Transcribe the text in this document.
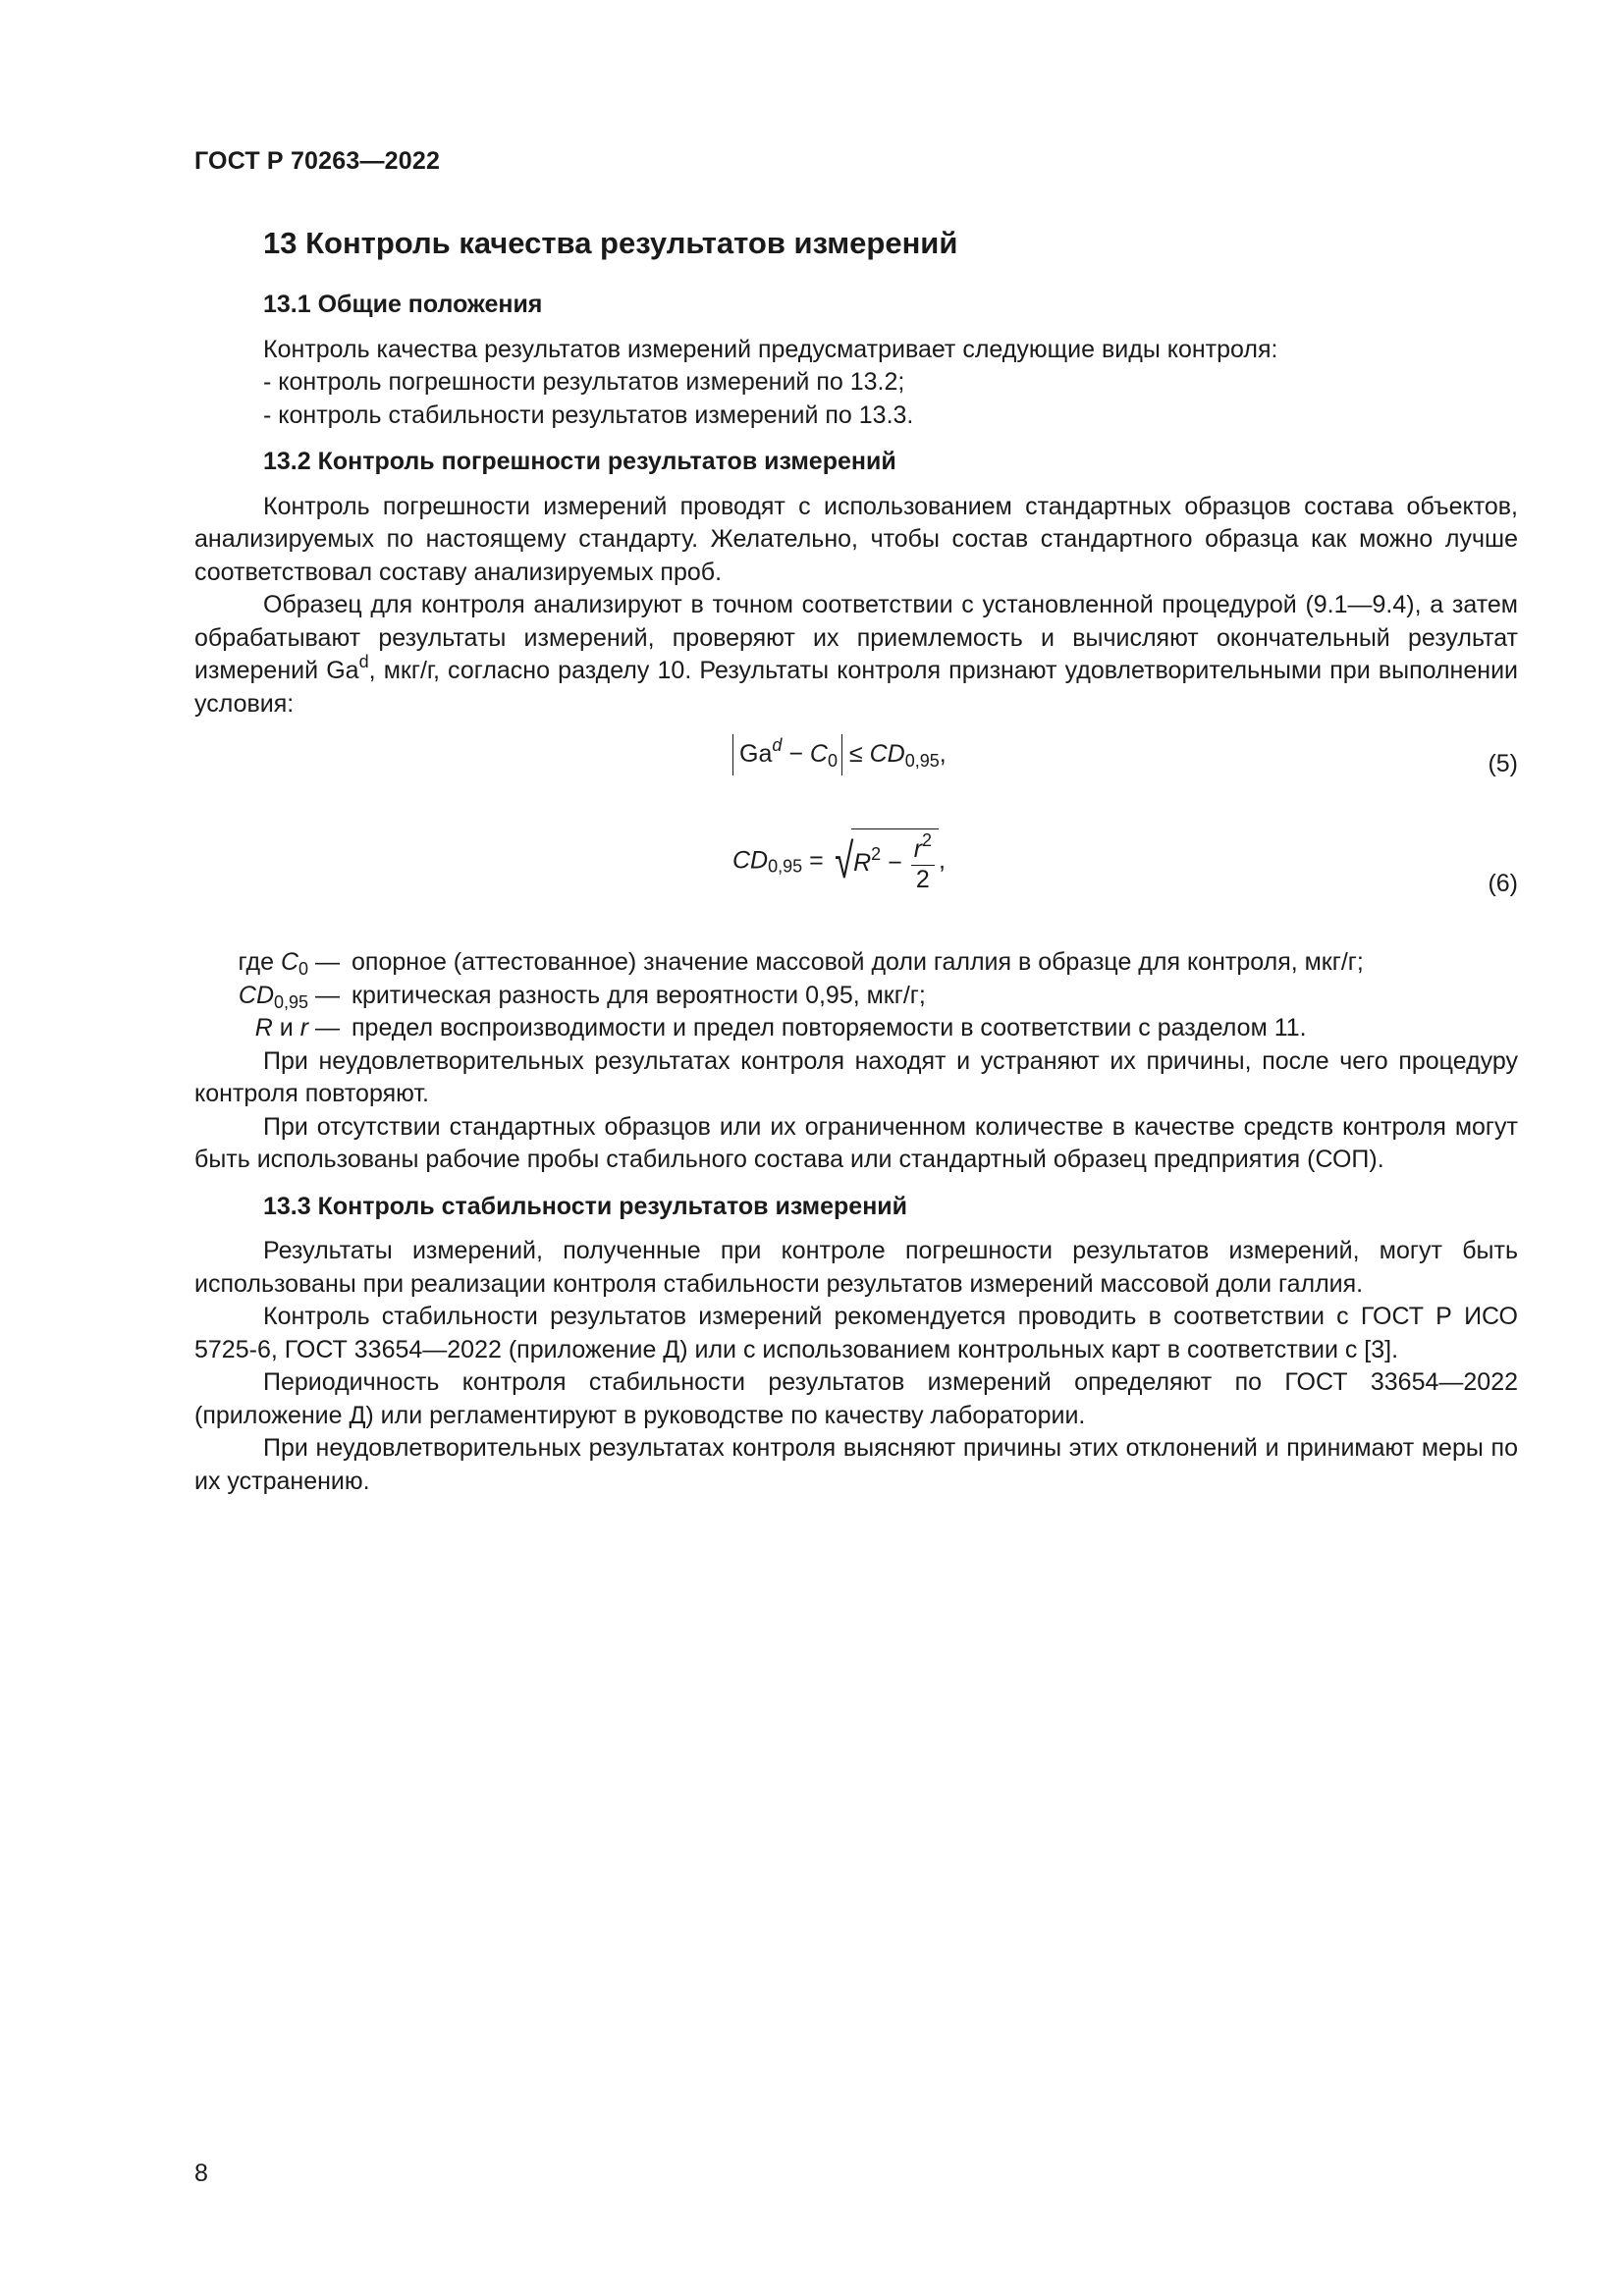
ГОСТ Р 70263—2022
13 Контроль качества результатов измерений
13.1 Общие положения

Контроль качества результатов измерений предусматривает следующие виды контроля:

- контроль погрешности результатов измерений по 13.2;

- контроль стабильности результатов измерений по 13.3.

13.2 Контроль погрешности результатов измерений

Контроль погрешности измерений проводят с использованием стандартных образцов состава объектов, анализируемых по настоящему стандарту. Желательно, чтобы состав стандартного образца как можно лучше соответствовал составу анализируемых проб.

Образец для контроля анализируют в точном соответствии с установленной процедурой (9.1—9.4), а затем обрабатывают результаты измерений, проверяют их приемлемость и вычисляют окончательный результат измерений Ga$^d$, мкг/г, согласно разделу 10. Результаты контроля признают удовлетворительными при выполнении условия:

$Ga^d - C_0 \le CD_{0,95}$,	(5)
$CD_{0,95} = √R^2 - \frac{r^2}{2}$ ,
(6)
где $C_0$ — опорное (аттестованное) значение массовой доли галлия в образце для контроля, мкг/г;
$CD_{0,95}$ — критическая разность для вероятности 0,95, мкг/г;
R и r — предел воспроизводимости и предел повторяемости в соответствии с разделом 11.

При неудовлетворительных результатах контроля находят и устраняют их причины, после чего процедуру контроля повторяют.

При отсутствии стандартных образцов или их ограниченном количестве в качестве средств контроля могут быть использованы рабочие пробы стабильного состава или стандартный образец предприятия (СОП).

13.3 Контроль стабильности результатов измерений

Результаты измерений, полученные при контроле погрешности результатов измерений, могут быть использованы при реализации контроля стабильности результатов измерений массовой доли галлия.

Контроль стабильности результатов измерений рекомендуется проводить в соответствии с ГОСТ Р ИСО 5725-6, ГОСТ 33654—2022 (приложение Д) или с использованием контрольных карт в соответствии с [3].

Периодичность контроля стабильности результатов измерений определяют по ГОСТ 33654—2022 (приложение Д) или регламентируют в руководстве по качеству лаборатории.

При неудовлетворительных результатах контроля выясняют причины этих отклонений и принимают меры по их устранению.

8
